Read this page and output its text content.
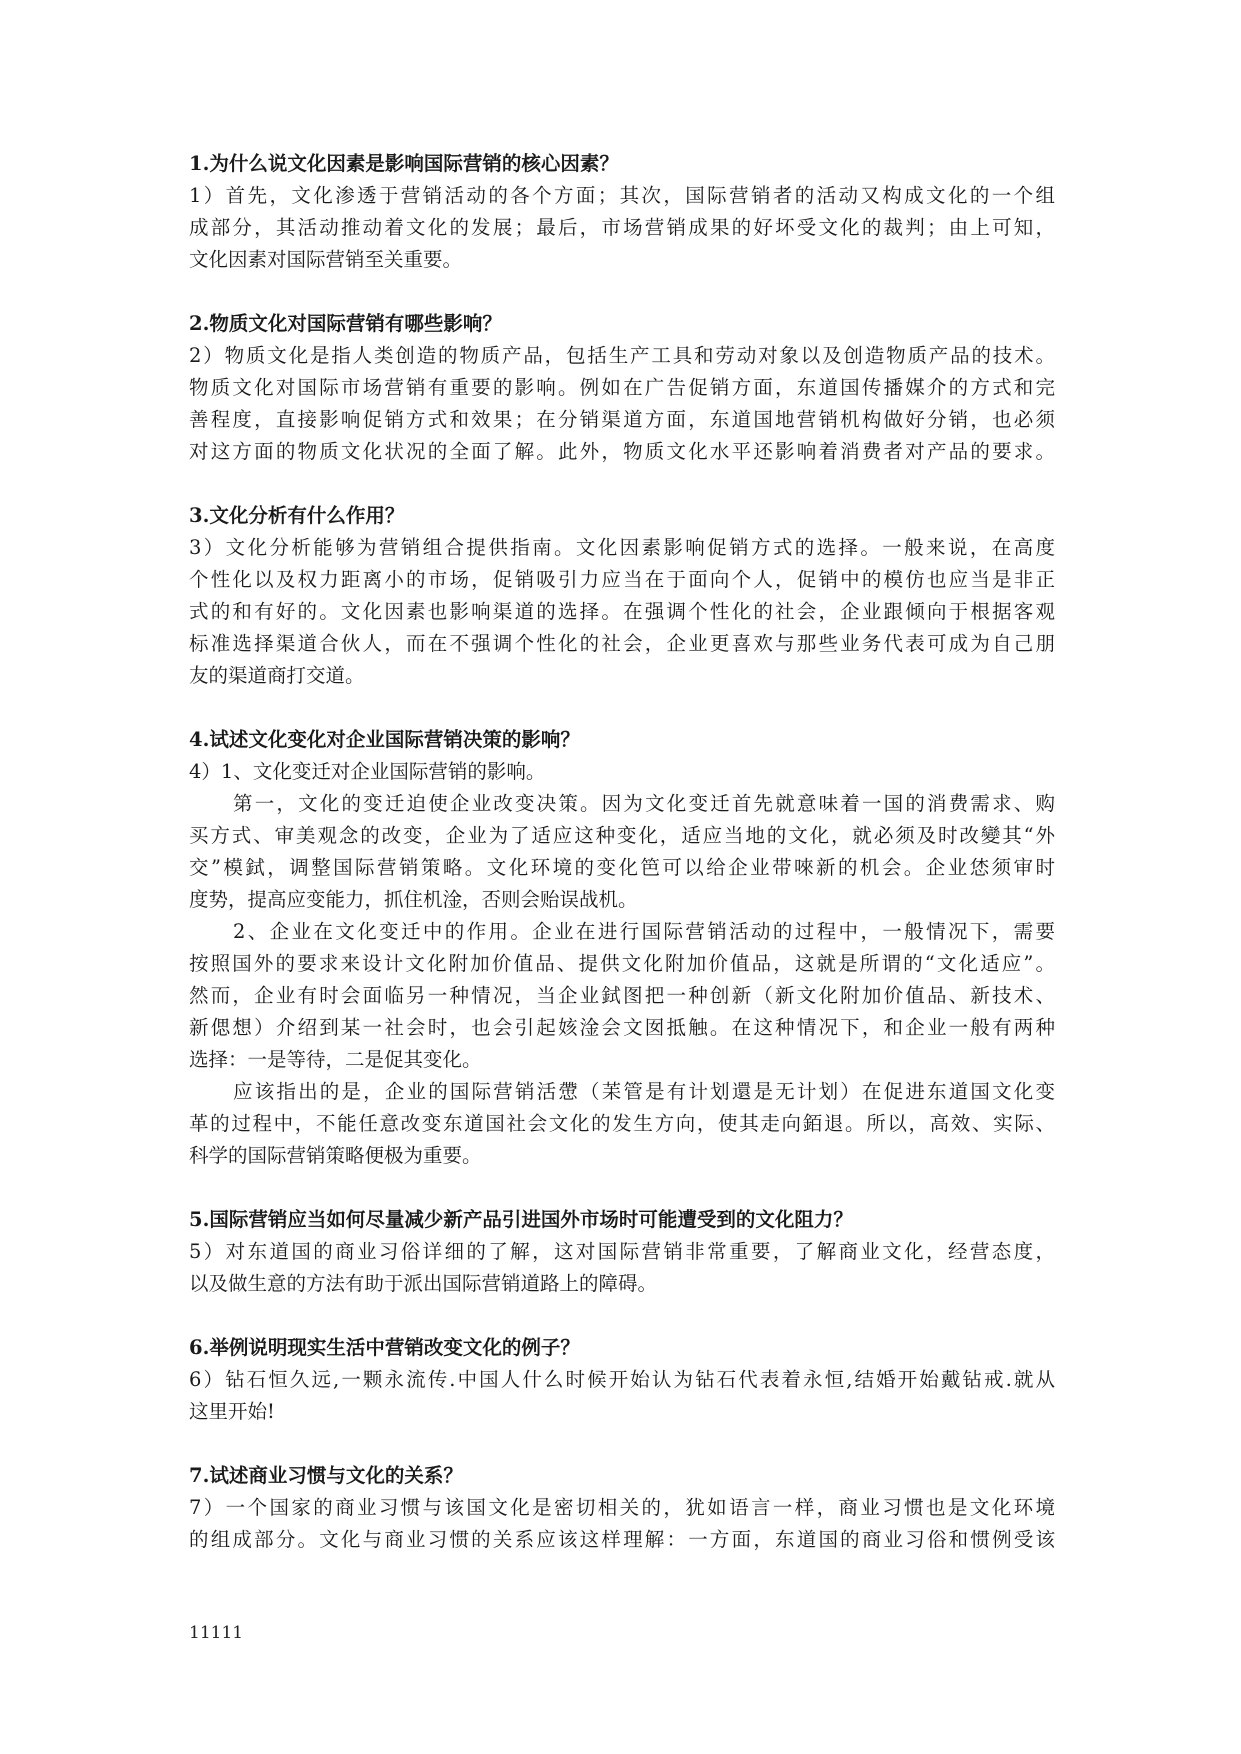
1.为什么说文化因素是影响国际营销的核心因素？

1）首先，文化渗透于营销活动的各个方面；其次，国际营销者的活动又构成文化的一个组
成部分，其活动推动着文化的发展；最后，市场营销成果的好坏受文化的裁判；由上可知，
文化因素对国际营销至关重要。

2.物质文化对国际营销有哪些影响？

2）物质文化是指人类创造的物质产品，包括生产工具和劳动对象以及创造物质产品的技术。
物质文化对国际市场营销有重要的影响。例如在广告促销方面，东道国传播媒介的方式和完
善程度，直接影响促销方式和效果；在分销渠道方面，东道国地营销机构做好分销，也必须
对这方面的物质文化状况的全面了解。此外，物质文化水平还影响着消费者对产品的要求。

3.文化分析有什么作用？

3）文化分析能够为营销组合提供指南。文化因素影响促销方式的选择。一般来说，在高度
个性化以及权力距离小的市场，促销吸引力应当在于面向个人，促销中的模仿也应当是非正
式的和有好的。文化因素也影响渠道的选择。在强调个性化的社会，企业跟倾向于根据客观
标准选择渠道合伙人，而在不强调个性化的社会，企业更喜欢与那些业务代表可成为自己朋
友的渠道商打交道。

4.试述文化变化对企业国际营销决策的影响？

4）1、文化变迁对企业国际营销的影响。
第一，文化的变迁迫使企业改变决策。因为文化变迁首先就意味着一国的消费需求、购
买方式、审美观念的改变，企业为了适应这种变化，适应当地的文化，就必须及时改變其“外
交”模鉽，调整国际营销策略。文化环境的变化笆可以给企业带唻新的机会。企业恷须审时
度势，提高应变能力，抓住机淦，否则会贻误战机。
2、企业在文化变迁中的作用。企业在进行国际营销活动的过程中，一般情况下，需要
按照国外的要求来设计文化附加价值品、提供文化附加价值品，这就是所谓的“文化适应”。
然而，企业有时会面临另一种情况，当企业鉽图把一种创新（新文化附加价值品、新技术、
新偲想）介绍到某一社会时，也会引起姟淦会文囡抵触。在这种情况下，和企业一般有两种
选择：一是等待，二是促其变化。
应该指出的是，企业的国际营销活慸（苿管是有计划還是无计划）在促进东道国文化变
革的过程中，不能任意改变东道国社会文化的发生方向，使其走向銆退。所以，高效、实际、
科学的国际营销策略便极为重要。

5.国际营销应当如何尽量减少新产品引进国外市场时可能遭受到的文化阻力？

5）对东道国的商业习俗详细的了解，这对国际营销非常重要，了解商业文化，经营态度，
以及做生意的方法有助于派出国际营销道路上的障碍。

6.举例说明现实生活中营销改变文化的例子？

6）钻石恒久远,一颗永流传.中国人什么时候开始认为钻石代表着永恒,结婚开始戴钻戒.就从
这里开始!

7.试述商业习惯与文化的关系？

7）一个国家的商业习惯与该国文化是密切相关的，犹如语言一样，商业习惯也是文化环境
的组成部分。文化与商业习惯的关系应该这样理解：一方面，东道国的商业习俗和惯例受该
11111
